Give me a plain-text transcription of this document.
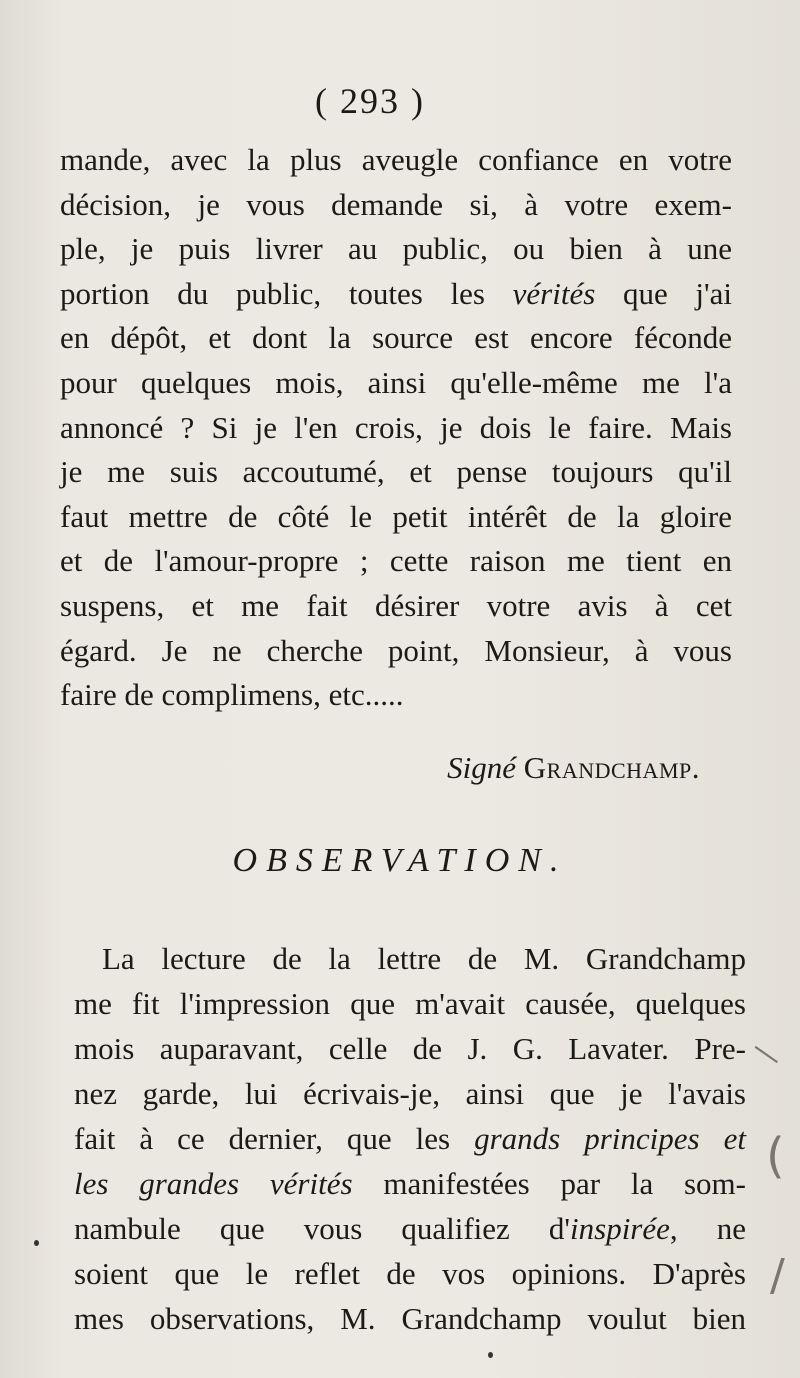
( 293 )
mande, avec la plus aveugle confiance en votre
décision, je vous demande si, à votre exem-
ple, je puis livrer au public, ou bien à une
portion du public, toutes les vérités que j'ai
en dépôt, et dont la source est encore féconde
pour quelques mois, ainsi qu'elle-même me l'a
annoncé ? Si je l'en crois, je dois le faire. Mais
je me suis accoutumé, et pense toujours qu'il
faut mettre de côté le petit intérêt de la gloire
et de l'amour-propre ; cette raison me tient en
suspens, et me fait désirer votre avis à cet
égard. Je ne cherche point, Monsieur, à vous
faire de complimens, etc.....
Signé Grandchamp.
OBSERVATION.
La lecture de la lettre de M. Grandchamp
me fit l'impression que m'avait causée, quelques
mois auparavant, celle de J. G. Lavater. Pre-
nez garde, lui écrivais-je, ainsi que je l'avais
fait à ce dernier, que les grands principes et
les grandes vérités manifestées par la som-
nambule que vous qualifiez d'inspirée, ne
soient que le reflet de vos opinions. D'après
mes observations, M. Grandchamp voulut bien
—
(
/
